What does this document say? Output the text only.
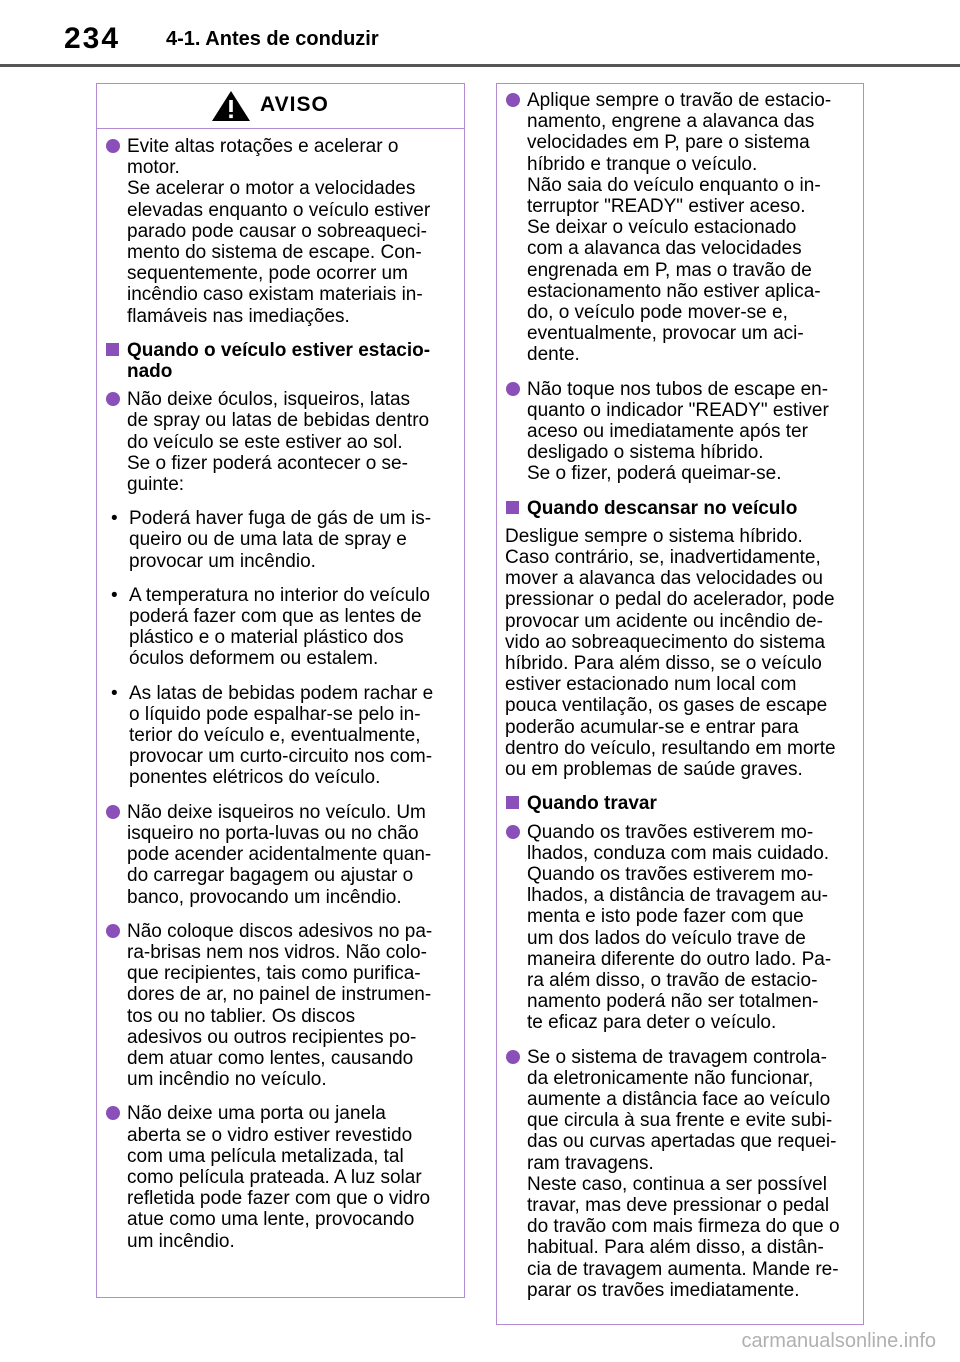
234 4-1. Antes de conduzir
AVISO

Evite altas rotações e acelerar o

motor.

Se acelerar o motor a velocidades

elevadas enquanto o veículo estiver

parado pode causar o sobreaqueci-

mento do sistema de escape. Con-

sequentemente, pode ocorrer um

incêndio caso existam materiais in-

flamáveis nas imediações.

Quando o veículo estiver estacio-

nado

Não deixe óculos, isqueiros, latas

de spray ou latas de bebidas dentro

do veículo se este estiver ao sol.

Se o fizer poderá acontecer o se-

guinte:

• Poderá haver fuga de gás de um is-

queiro ou de uma lata de spray e

provocar um incêndio.

• A temperatura no interior do veículo

poderá fazer com que as lentes de

plástico e o material plástico dos

óculos deformem ou estalem.

• As latas de bebidas podem rachar e

o líquido pode espalhar-se pelo in-

terior do veículo e, eventualmente,

provocar um curto-circuito nos com-

ponentes elétricos do veículo.

Não deixe isqueiros no veículo. Um

isqueiro no porta-luvas ou no chão

pode acender acidentalmente quan-

do carregar bagagem ou ajustar o

banco, provocando um incêndio.

Não coloque discos adesivos no pa-

ra-brisas nem nos vidros. Não colo-

que recipientes, tais como purifica-

dores de ar, no painel de instrumen-

tos ou no tablier. Os discos

adesivos ou outros recipientes po-

dem atuar como lentes, causando

um incêndio no veículo.

Não deixe uma porta ou janela

aberta se o vidro estiver revestido

com uma película metalizada, tal

como película prateada. A luz solar

refletida pode fazer com que o vidro

atue como uma lente, provocando

um incêndio.

Aplique sempre o travão de estacio-

namento, engrene a alavanca das

velocidades em P, pare o sistema

híbrido e tranque o veículo.

Não saia do veículo enquanto o in-

terruptor "READY" estiver aceso.

Se deixar o veículo estacionado

com a alavanca das velocidades

engrenada em P, mas o travão de

estacionamento não estiver aplica-

do, o veículo pode mover-se e,

eventualmente, provocar um aci-

dente.

Não toque nos tubos de escape en-

quanto o indicador "READY" estiver

aceso ou imediatamente após ter

desligado o sistema híbrido.

Se o fizer, poderá queimar-se.

Quando descansar no veículo

Desligue sempre o sistema híbrido.

Caso contrário, se, inadvertidamente,

mover a alavanca das velocidades ou

pressionar o pedal do acelerador, pode

provocar um acidente ou incêndio de-

vido ao sobreaquecimento do sistema

híbrido. Para além disso, se o veículo

estiver estacionado num local com

pouca ventilação, os gases de escape

poderão acumular-se e entrar para

dentro do veículo, resultando em morte

ou em problemas de saúde graves.

Quando travar

Quando os travões estiverem mo-

lhados, conduza com mais cuidado.

Quando os travões estiverem mo-

lhados, a distância de travagem au-

menta e isto pode fazer com que

um dos lados do veículo trave de

maneira diferente do outro lado. Pa-

ra além disso, o travão de estacio-

namento poderá não ser totalmen-

te eficaz para deter o veículo.

Se o sistema de travagem controla-

da eletronicamente não funcionar,

aumente a distância face ao veículo

que circula à sua frente e evite subi-

das ou curvas apertadas que requei-

ram travagens.

Neste caso, continua a ser possível

travar, mas deve pressionar o pedal

do travão com mais firmeza do que o

habitual. Para além disso, a distân-

cia de travagem aumenta. Mande re-

parar os travões imediatamente.

carmanualsonline.info
